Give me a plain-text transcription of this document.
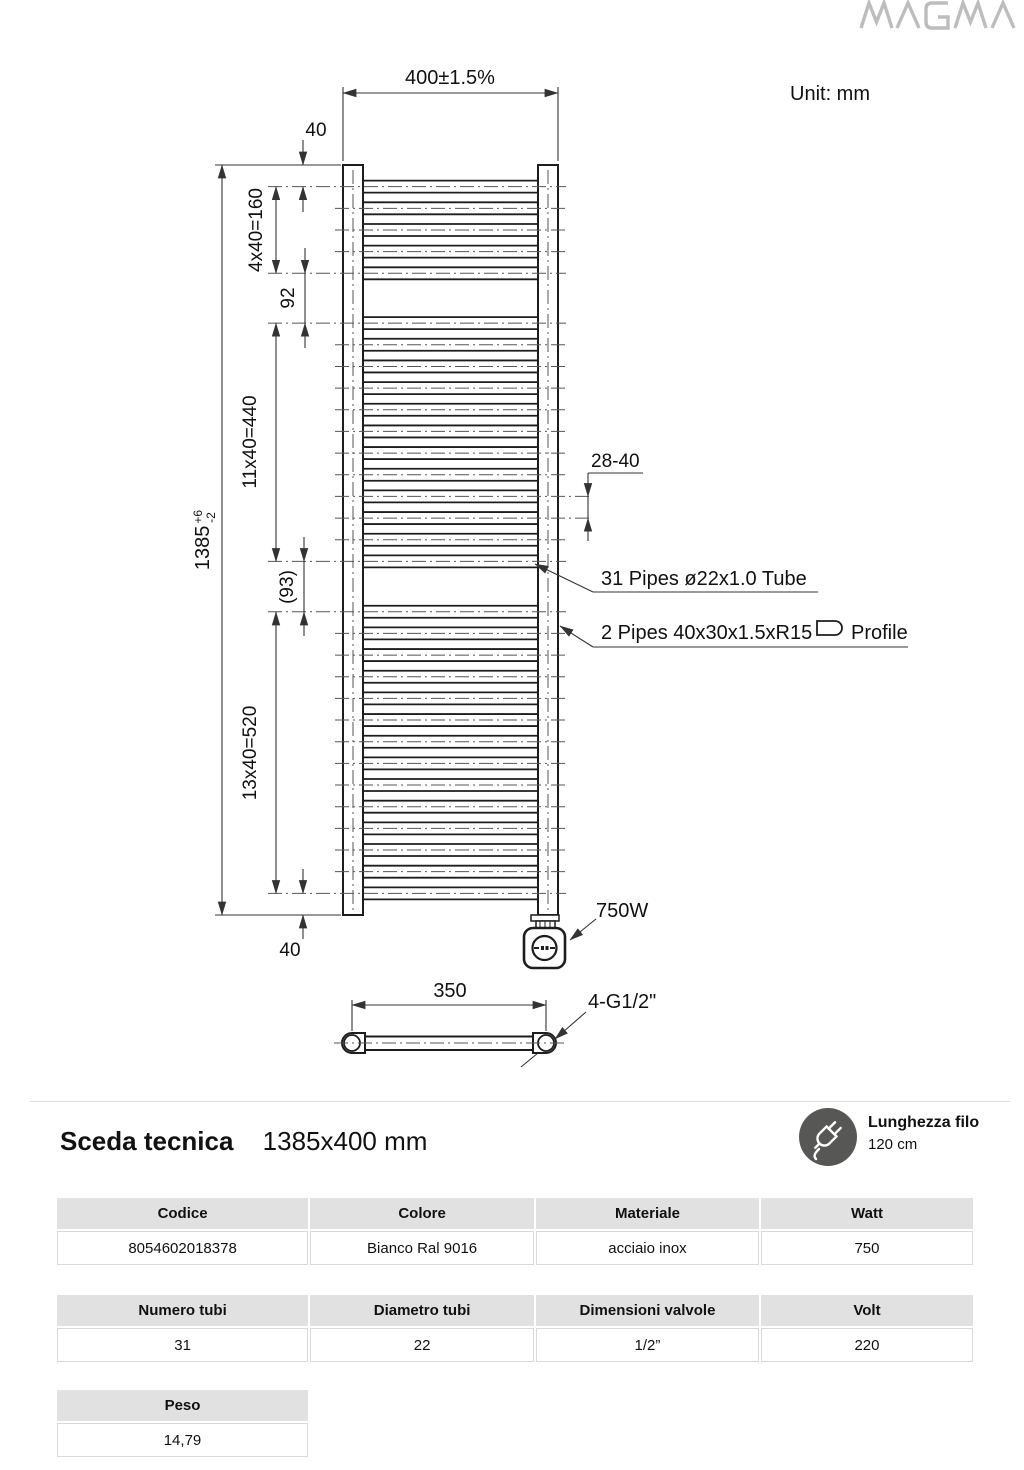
Unit: mm
400±1.5%
40
4x40=160
92
11x40=440
$1385^{+6}-2$
(93)
13x40=520
40
28-40
31 Pipes ø22x1.0 Tube
2 Pipes 40x30x1.5xR15 Profile
750W
350	4-G1/2"
Sceda tecnica 1385x400 mm
Lunghezza filo
120 cm
Codice	Colore	Materiale	Watt
8054602018378	Bianco Ral 9016	acciaio inox	750
Numero tubi	Diametro tubi	Dimensioni valvole	Volt
31	22	1/2”	220
Peso
14,79
